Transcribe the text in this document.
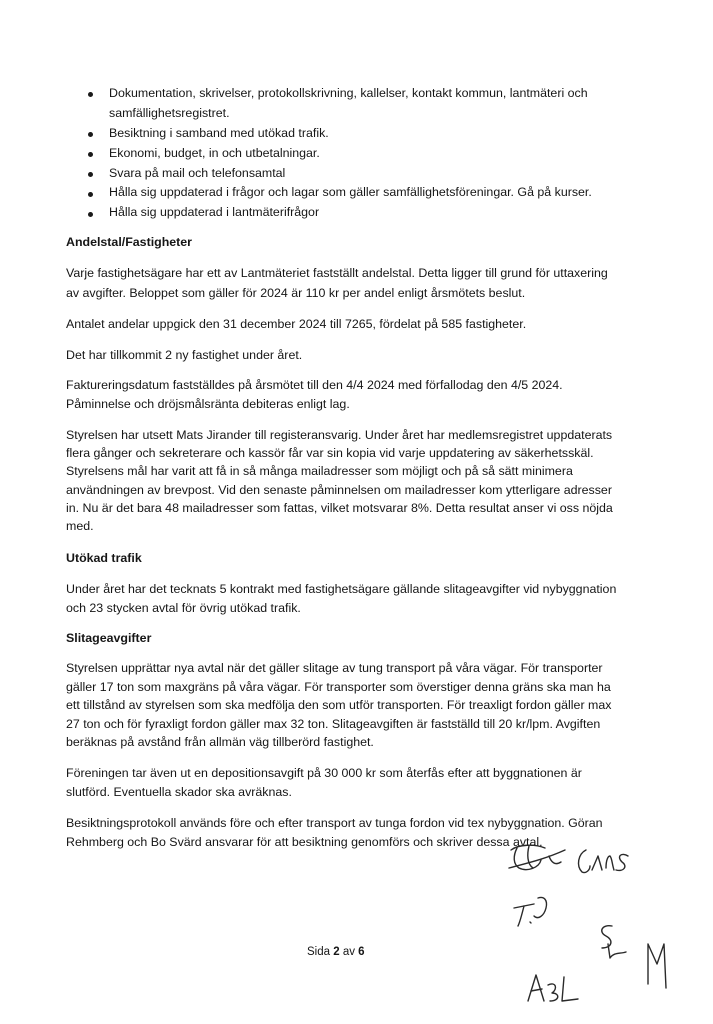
Dokumentation, skrivelser, protokollskrivning, kallelser, kontakt kommun, lantmäteri och
samfällighetsregistret.
Besiktning i samband med utökad trafik.
Ekonomi, budget, in och utbetalningar.
Svara på mail och telefonsamtal
Hålla sig uppdaterad i frågor och lagar som gäller samfällighetsföreningar. Gå på kurser.
Hålla sig uppdaterad i lantmäterifrågor
Andelstal/Fastigheter
Varje fastighetsägare har ett av Lantmäteriet fastställt andelstal. Detta ligger till grund för uttaxering
av avgifter. Beloppet som gäller för 2024 är 110 kr per andel enligt årsmötets beslut.
Antalet andelar uppgick den 31 december 2024 till 7265, fördelat på 585 fastigheter.
Det har tillkommit 2 ny fastighet under året.
Faktureringsdatum fastställdes på årsmötet till den 4/4 2024 med förfallodag den 4/5 2024.
Påminnelse och dröjsmålsränta debiteras enligt lag.
Styrelsen har utsett Mats Jirander till registeransvarig. Under året har medlemsregistret uppdaterats
flera gånger och sekreterare och kassör får var sin kopia vid varje uppdatering av säkerhetsskäl.
Styrelsens mål har varit att få in så många mailadresser som möjligt och på så sätt minimera
användningen av brevpost. Vid den senaste påminnelsen om mailadresser kom ytterligare adresser
in. Nu är det bara 48 mailadresser som fattas, vilket motsvarar 8%. Detta resultat anser vi oss nöjda
med.
Utökad trafik
Under året har det tecknats 5 kontrakt med fastighetsägare gällande slitageavgifter vid nybyggnation
och 23 stycken avtal för övrig utökad trafik.
Slitageavgifter
Styrelsen upprättar nya avtal när det gäller slitage av tung transport på våra vägar. För transporter
gäller 17 ton som maxgräns på våra vägar. För transporter som överstiger denna gräns ska man ha
ett tillstånd av styrelsen som ska medfölja den som utför transporten. För treaxligt fordon gäller max
27 ton och för fyraxligt fordon gäller max 32 ton. Slitageavgiften är fastställd till 20 kr/lpm. Avgiften
beräknas på avstånd från allmän väg tillberörd fastighet.
Föreningen tar även ut en depositionsavgift på 30 000 kr som återfås efter att byggnationen är
slutförd. Eventuella skador ska avräknas.
Besiktningsprotokoll används före och efter transport av tunga fordon vid tex nybyggnation. Göran
Rehmberg och Bo Svärd ansvarar för att besiktning genomförs och skriver dessa avtal.
Sida 2 av 6
